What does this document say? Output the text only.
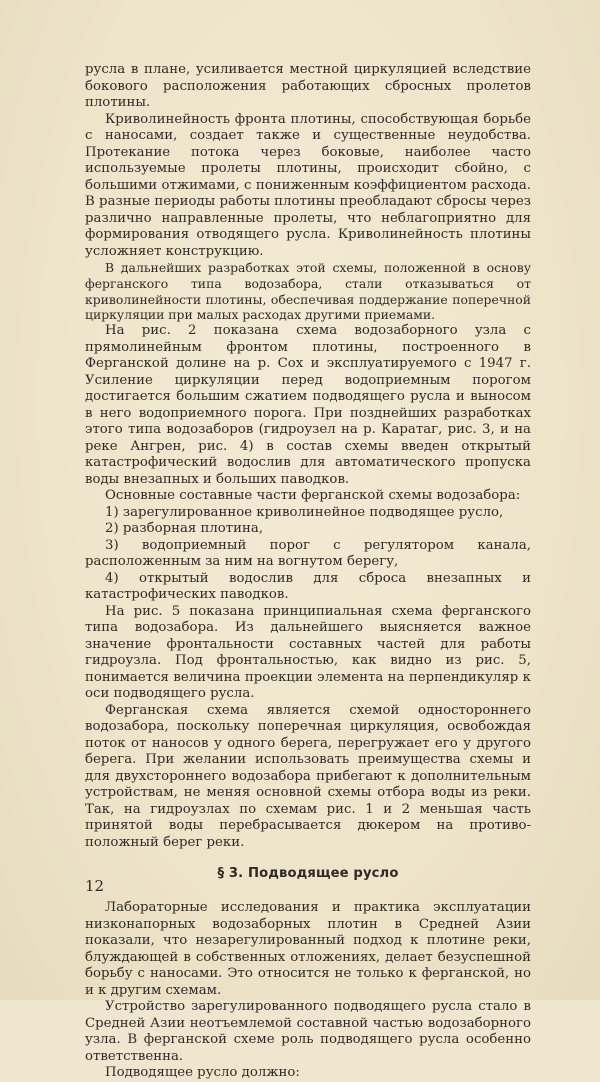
русла в плане, усиливается местной циркуляцией вследствие бокового расположения работающих сбросных пролетов плотины.

Криволинейность фронта плотины, способствующая борьбе с наносами, создает также и существенные неудобства. Протекание потока через боковые, наиболее часто используемые пролеты плотины, происходит сбойно, с большими отжимами, с пониженным коэффициентом расхода. В разные периоды работы плотины преобладают сбросы через различно направленные пролеты, что неблагоприятно для формирования отводящего русла. Криволинейность плотины усложняет конструкцию.

В дальнейших разработках этой схемы, положенной в основу ферганского типа водозабора, стали отказываться от криволинейности плотины, обеспечивая поддержание поперечной циркуляции при малых расходах другими приемами.

На рис. 2 показана схема водозаборного узла с прямолинейным фронтом плотины, построенного в Ферганской долине на р. Сох и эксплуатируемого с 1947 г. Усиление циркуляции перед водоприемным порогом достигается большим сжатием подводящего русла и выносом в него водоприемного порога. При позднейших разработках этого типа водозаборов (гидроузел на р. Каратаг, рис. 3, и на реке Ангрен, рис. 4) в состав схемы введен открытый катастрофический водослив для автоматического пропуска воды внезапных и больших паводков.

Основные составные части ферганской схемы водозабора:

1) зарегулированное криволинейное подводящее русло,

2) разборная плотина,

3) водоприемный порог с регулятором канала, расположенным за ним на вогнутом берегу,

4) открытый водослив для сброса внезапных и катастрофических паводков.

На рис. 5 показана принципиальная схема ферганского типа водозабора. Из дальнейшего выясняется важное значение фронтальности составных частей для работы гидроузла. Под фронтальностью, как видно из рис. 5, понимается величина проекции элемента на перпендикуляр к оси подводящего русла.

Ферганская схема является схемой одностороннего водозабора, поскольку поперечная циркуляция, освобождая поток от наносов у одного берега, перегружает его у другого берега. При желании использовать преимущества схемы и для двухстороннего водозабора прибегают к дополнительным устройствам, не меняя основной схемы отбора воды из реки. Так, на гидроузлах по схемам рис. 1 и 2 меньшая часть принятой воды перебрасывается дюкером на противоположный берег реки.

§ 3. Подводящее русло

Лабораторные исследования и практика эксплуатации низконапорных водозаборных плотин в Средней Азии показали, что незарегулированный подход к плотине реки, блуждающей в собственных отложениях, делает безуспешной борьбу с наносами. Это относится не только к ферганской, но и к другим схемам.

Устройство зарегулированного подводящего русла стало в Средней Азии неотъемлемой составной частью водозаборного узла. В ферганской схеме роль подводящего русла особенно ответственна.

Подводящее русло должно:

12
